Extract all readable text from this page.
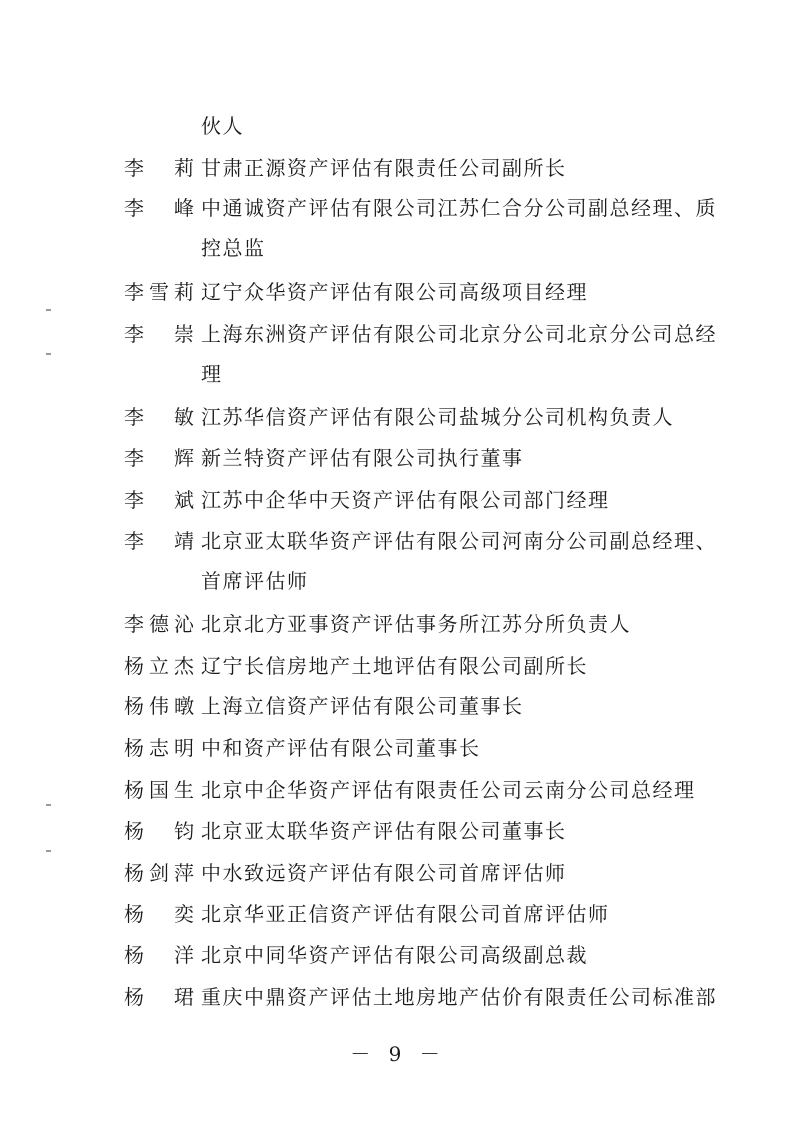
伙人
李 莉 甘肃正源资产评估有限责任公司副所长
李 峰 中通诚资产评估有限公司江苏仁合分公司副总经理、质
控总监
李 雪 莉 辽宁众华资产评估有限公司高级项目经理
李 崇 上海东洲资产评估有限公司北京分公司北京分公司总经
理
李 敏 江苏华信资产评估有限公司盐城分公司机构负责人
李 辉 新兰特资产评估有限公司执行董事
李 斌 江苏中企华中天资产评估有限公司部门经理
李 靖 北京亚太联华资产评估有限公司河南分公司副总经理、
首席评估师
李 德 沁 北京北方亚事资产评估事务所江苏分所负责人
杨 立 杰 辽宁长信房地产土地评估有限公司副所长
杨 伟 暾 上海立信资产评估有限公司董事长
杨 志 明 中和资产评估有限公司董事长
杨 国 生 北京中企华资产评估有限责任公司云南分公司总经理
杨 钧 北京亚太联华资产评估有限公司董事长
杨 剑 萍 中水致远资产评估有限公司首席评估师
杨 奕 北京华亚正信资产评估有限公司首席评估师
杨 洋 北京中同华资产评估有限公司高级副总裁
杨 珺 重庆中鼎资产评估土地房地产估价有限责任公司标准部
－ 9 －
